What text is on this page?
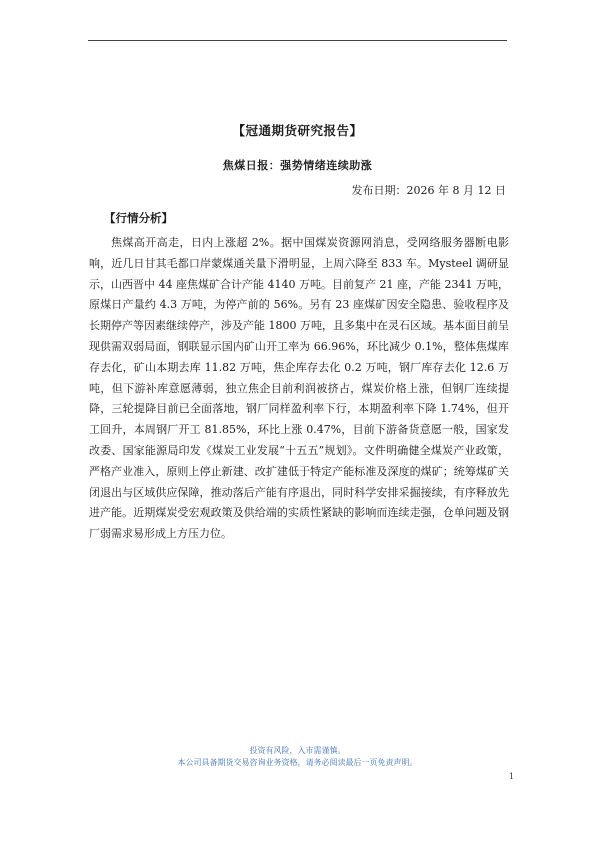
【冠通期货研究报告】
焦煤日报：强势情绪连续助涨
发布日期：2026 年 8 月 12 日
【行情分析】

焦煤高开高走，日内上涨超 2%。据中国煤炭资源网消息，受网络服务器断电影响，近几日甘其毛都口岸蒙煤通关量下滑明显，上周六降至 833 车。Mysteel 调研显示，山西晋中 44 座焦煤矿合计产能 4140 万吨。目前复产 21 座，产能 2341 万吨，原煤日产量约 4.3 万吨，为停产前的 56%。另有 23 座煤矿因安全隐患、验收程序及长期停产等因素继续停产，涉及产能 1800 万吨，且多集中在灵石区域。基本面目前呈现供需双弱局面，钢联显示国内矿山开工率为 66.96%，环比减少 0.1%，整体焦煤库存去化，矿山本期去库 11.82 万吨，焦企库存去化 0.2 万吨，钢厂库存去化 12.6 万吨，但下游补库意愿薄弱，独立焦企目前利润被挤占，煤炭价格上涨，但钢厂连续提降，三轮提降目前已全面落地，钢厂同样盈利率下行，本期盈利率下降 1.74%，但开工回升，本周钢厂开工 81.85%，环比上涨 0.47%，目前下游备货意愿一般，国家发改委、国家能源局印发《煤炭工业发展“十五五”规划》。文件明确健全煤炭产业政策，严格产业准入，原则上停止新建、改扩建低于特定产能标准及深度的煤矿；统筹煤矿关闭退出与区域供应保障，推动落后产能有序退出，同时科学安排采掘接续，有序释放先进产能。近期煤炭受宏观政策及供给端的实质性紧缺的影响而连续走强，仓单问题及钢厂弱需求易形成上方压力位。

投资有风险，入市需谨慎。
本公司具备期货交易咨询业务资格，请务必阅读最后一页免责声明。
1
